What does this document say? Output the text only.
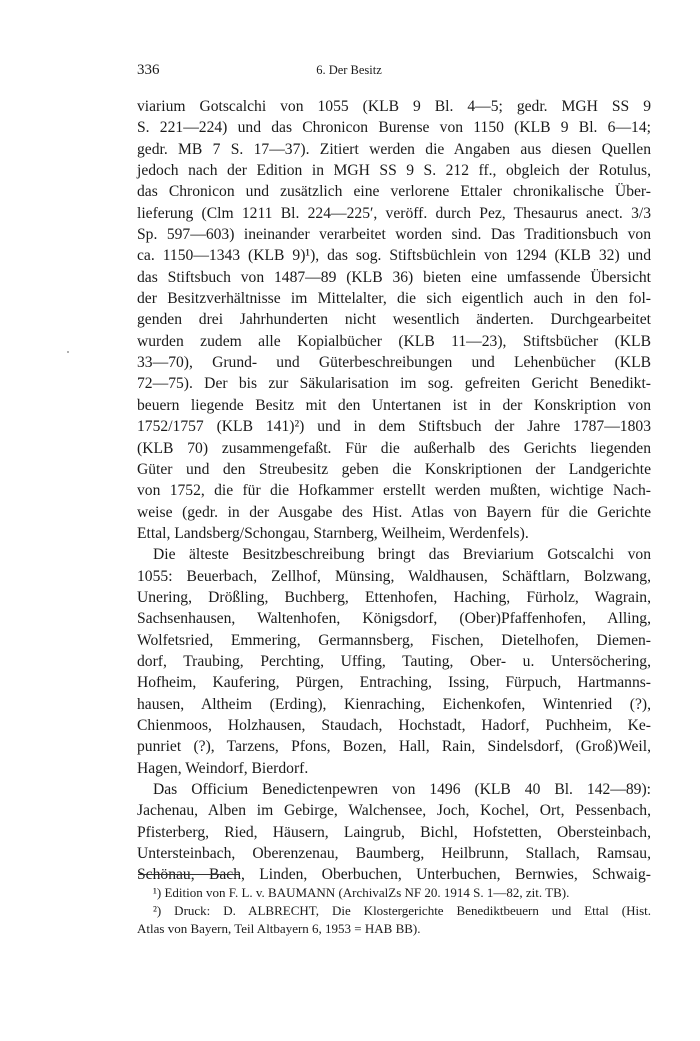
336	6. Der Besitz
viarium Gotscalchi von 1055 (KLB 9 Bl. 4—5; gedr. MGH SS 9
S. 221—224) und das Chronicon Burense von 1150 (KLB 9 Bl. 6—14;
gedr. MB 7 S. 17—37). Zitiert werden die Angaben aus diesen Quellen
jedoch nach der Edition in MGH SS 9 S. 212 ff., obgleich der Rotulus,
das Chronicon und zusätzlich eine verlorene Ettaler chronikalische Über-
lieferung (Clm 1211 Bl. 224—225′, veröff. durch Pez, Thesaurus anect. 3/3
Sp. 597—603) ineinander verarbeitet worden sind. Das Traditionsbuch von
ca. 1150—1343 (KLB 9)¹), das sog. Stiftsbüchlein von 1294 (KLB 32) und
das Stiftsbuch von 1487—89 (KLB 36) bieten eine umfassende Übersicht
der Besitzverhältnisse im Mittelalter, die sich eigentlich auch in den fol-
genden drei Jahrhunderten nicht wesentlich änderten. Durchgearbeitet
wurden zudem alle Kopialbücher (KLB 11—23), Stiftsbücher (KLB
33—70), Grund- und Güterbeschreibungen und Lehenbücher (KLB
72—75). Der bis zur Säkularisation im sog. gefreiten Gericht Benedikt-
beuern liegende Besitz mit den Untertanen ist in der Konskription von
1752/1757 (KLB 141)²) und in dem Stiftsbuch der Jahre 1787—1803
(KLB 70) zusammengefaßt. Für die außerhalb des Gerichts liegenden
Güter und den Streubesitz geben die Konskriptionen der Landgerichte
von 1752, die für die Hofkammer erstellt werden mußten, wichtige Nach-
weise (gedr. in der Ausgabe des Hist. Atlas von Bayern für die Gerichte
Ettal, Landsberg/Schongau, Starnberg, Weilheim, Werdenfels).
Die älteste Besitzbeschreibung bringt das Breviarium Gotscalchi von
1055: Beuerbach, Zellhof, Münsing, Waldhausen, Schäftlarn, Bolzwang,
Unering, Drößling, Buchberg, Ettenhofen, Haching, Fürholz, Wagrain,
Sachsenhausen, Waltenhofen, Königsdorf, (Ober)Pfaffenhofen, Alling,
Wolfetsried, Emmering, Germannsberg, Fischen, Dietelhofen, Diemen-
dorf, Traubing, Perchting, Uffing, Tauting, Ober- u. Untersöchering,
Hofheim, Kaufering, Pürgen, Entraching, Issing, Fürpuch, Hartmanns-
hausen, Altheim (Erding), Kienraching, Eichenkofen, Wintenried (?),
Chienmoos, Holzhausen, Staudach, Hochstadt, Hadorf, Puchheim, Ke-
punriet (?), Tarzens, Pfons, Bozen, Hall, Rain, Sindelsdorf, (Groß)Weil,
Hagen, Weindorf, Bierdorf.
Das Officium Benedictenpewren von 1496 (KLB 40 Bl. 142—89):
Jachenau, Alben im Gebirge, Walchensee, Joch, Kochel, Ort, Pessenbach,
Pfisterberg, Ried, Häusern, Laingrub, Bichl, Hofstetten, Obersteinbach,
Untersteinbach, Oberenzenau, Baumberg, Heilbrunn, Stallach, Ramsau,
Schönau, Bach, Linden, Oberbuchen, Unterbuchen, Bernwies, Schwaig-
¹) Edition von F. L. v. BAUMANN (ArchivalZs NF 20. 1914 S. 1—82, zit. TB).
²) Druck: D. ALBRECHT, Die Klostergerichte Benediktbeuern und Ettal (Hist.
Atlas von Bayern, Teil Altbayern 6, 1953 = HAB BB).
